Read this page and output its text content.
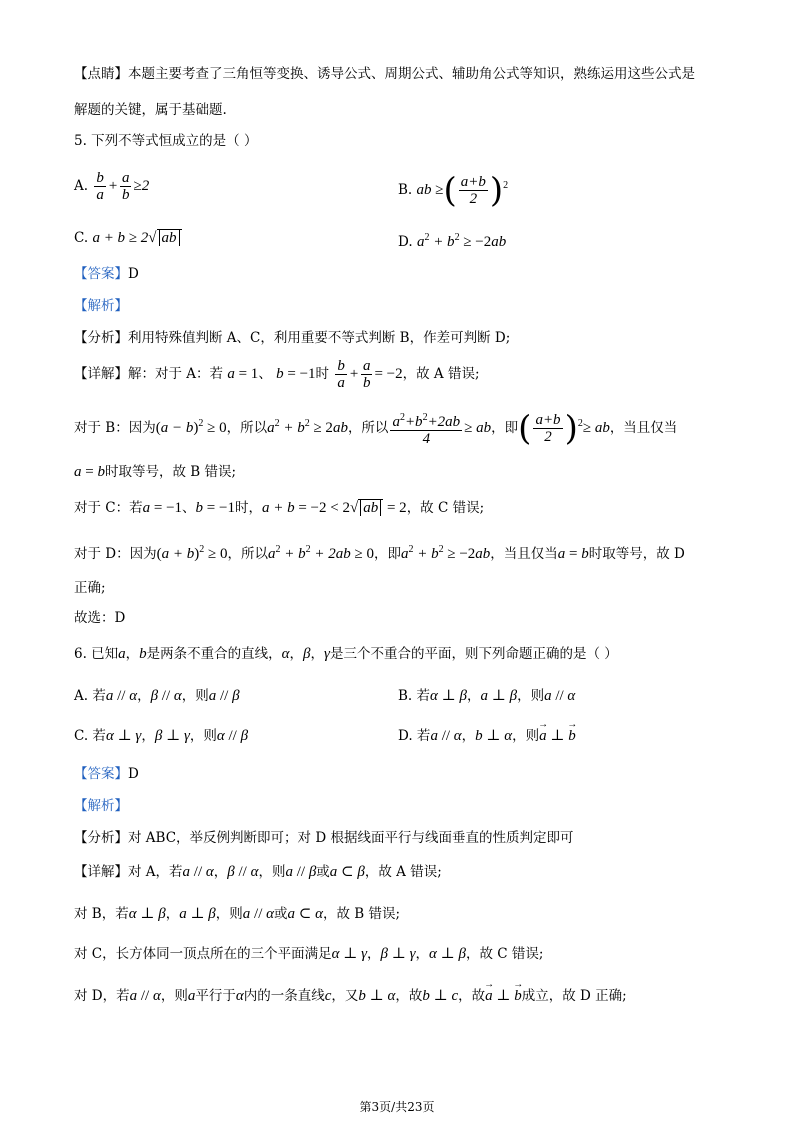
【点睛】本题主要考查了三角恒等变换、诱导公式、周期公式、辅助角公式等知识，熟练运用这些公式是
解题的关键，属于基础题.
5. 下列不等式恒成立的是（ ）
A. $\frac{b}{a} + \frac{a}{b} \ge 2$	B. ab ≥( $\frac{a+b}{2} )^2$
C. a + b ≥ 2√ ab	D. $a^2 + b^2 \ge -2ab$
【答案】D
【解析】
【分析】利用特殊值判断 A、C，利用重要不等式判断 B，作差可判断 D;
【详解】解：对于 A：若 a = 1、 b = −1时 $\frac{b}{a} + \frac{a}{b} = -2$，故 A 错误;
对于 B：因为$(a - b)^2 \ge 0$，所以$a^2 + b^2 \ge 2ab$，所以 $\frac{a^2+b^2+2ab}{4}$ ≥ ab，即( $\frac{a+b}{2} )^2\ge$ ab，当且仅当
a = b时取等号，故 B 错误;
对于 C：若a = −1、b = −1时，a + b = −2 < 2√ ab = 2，故 C 错误;
对于 D：因为$(a + b)^2 \ge 0$，所以$a^2 + b^2 + 2ab \ge 0$，即$a^2 + b^2 \ge -2ab$，当且仅当a = b时取等号，故 D
正确;
故选：D
6. 已知a，b是两条不重合的直线，α，β，γ是三个不重合的平面，则下列命题正确的是（ ）
A. 若a // α，β // α，则a // β	B. 若α ⊥ β，a ⊥ β，则a // α
C. 若α ⊥ γ，β ⊥ γ，则α // β	D. 若a // α，b ⊥ α，则→ a ⊥ → b
【答案】D
【解析】
【分析】对 ABC，举反例判断即可；对 D 根据线面平行与线面垂直的性质判定即可
【详解】对 A，若a // α，β // α，则a // β或a ⊂ β，故 A 错误;
对 B，若α ⊥ β，a ⊥ β，则a // α或a ⊂ α，故 B 错误;
对 C，长方体同一顶点所在的三个平面满足α ⊥ γ，β ⊥ γ，α ⊥ β，故 C 错误;
对 D，若a // α，则a平行于α内的一条直线c，又b ⊥ α，故b ⊥ c，故→ a ⊥ → b成立，故 D 正确;
第3页/共23页
